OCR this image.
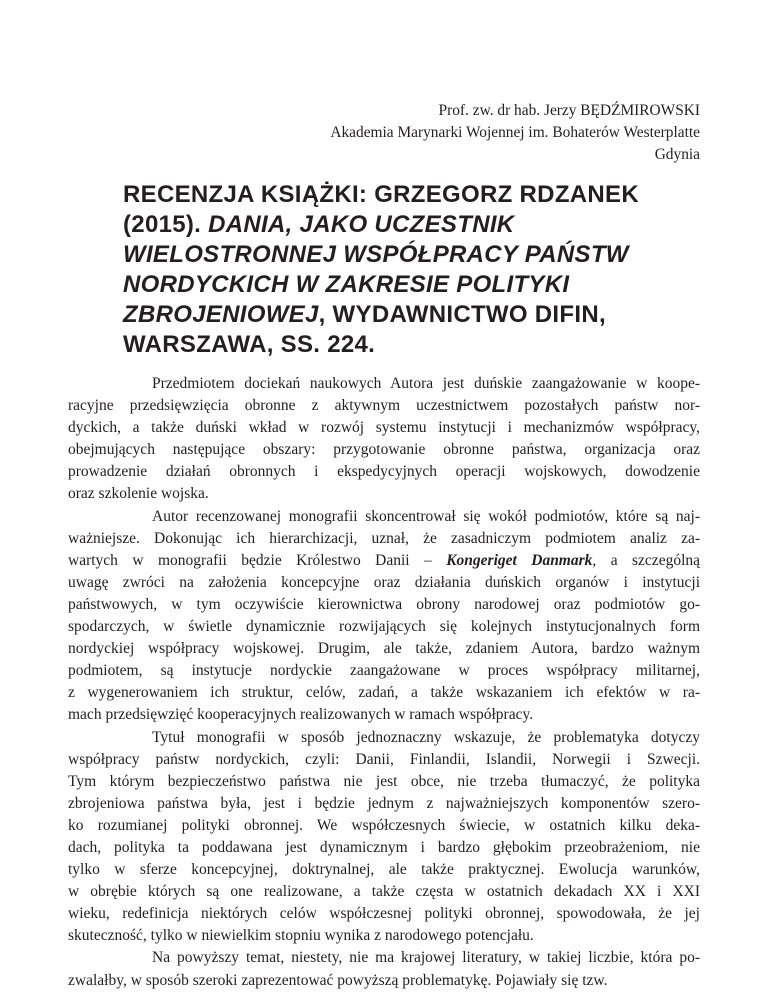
Prof. zw. dr hab. Jerzy BĘDŹMIROWSKI
Akademia Marynarki Wojennej im. Bohaterów Westerplatte
Gdynia
RECENZJA KSIĄŻKI: GRZEGORZ RDZANEK (2015). DANIA, JAKO UCZESTNIK WIELOSTRONNEJ WSPÓŁPRACY PAŃSTW NORDYCKICH W ZAKRESIE POLITYKI ZBROJENIOWEJ, WYDAWNICTWO DIFIN, WARSZAWA, SS. 224.

Przedmiotem dociekań naukowych Autora jest duńskie zaangażowanie w koope-
racyjne przedsięwzięcia obronne z aktywnym uczestnictwem pozostałych państw nor-
dyckich, a także duński wkład w rozwój systemu instytucji i mechanizmów współpracy,
obejmujących następujące obszary: przygotowanie obronne państwa, organizacja oraz
prowadzenie działań obronnych i ekspedycyjnych operacji wojskowych, dowodzenie
oraz szkolenie wojska.

Autor recenzowanej monografii skoncentrował się wokół podmiotów, które są naj-
ważniejsze. Dokonując ich hierarchizacji, uznał, że zasadniczym podmiotem analiz za-
wartych w monografii będzie Królestwo Danii – Kongeriget Danmark, a szczególną
uwagę zwróci na założenia koncepcyjne oraz działania duńskich organów i instytucji
państwowych, w tym oczywiście kierownictwa obrony narodowej oraz podmiotów go-
spodarczych, w świetle dynamicznie rozwijających się kolejnych instytucjonalnych form
nordyckiej współpracy wojskowej. Drugim, ale także, zdaniem Autora, bardzo ważnym
podmiotem, są instytucje nordyckie zaangażowane w proces współpracy militarnej,
z wygenerowaniem ich struktur, celów, zadań, a także wskazaniem ich efektów w ra-
mach przedsięwzięć kooperacyjnych realizowanych w ramach współpracy.

Tytuł monografii w sposób jednoznaczny wskazuje, że problematyka dotyczy
współpracy państw nordyckich, czyli: Danii, Finlandii, Islandii, Norwegii i Szwecji.
Tym którym bezpieczeństwo państwa nie jest obce, nie trzeba tłumaczyć, że polityka
zbrojeniowa państwa była, jest i będzie jednym z najważniejszych komponentów szero-
ko rozumianej polityki obronnej. We współczesnych świecie, w ostatnich kilku deka-
dach, polityka ta poddawana jest dynamicznym i bardzo głębokim przeobrażeniom, nie
tylko w sferze koncepcyjnej, doktrynalnej, ale także praktycznej. Ewolucja warunków,
w obrębie których są one realizowane, a także częsta w ostatnich dekadach XX i XXI
wieku, redefinicja niektórych celów współczesnej polityki obronnej, spowodowała, że jej
skuteczność, tylko w niewielkim stopniu wynika z narodowego potencjału.

Na powyższy temat, niestety, nie ma krajowej literatury, w takiej liczbie, która po-
zwalałby, w sposób szeroki zaprezentować powyższą problematykę. Pojawiały się tzw.
